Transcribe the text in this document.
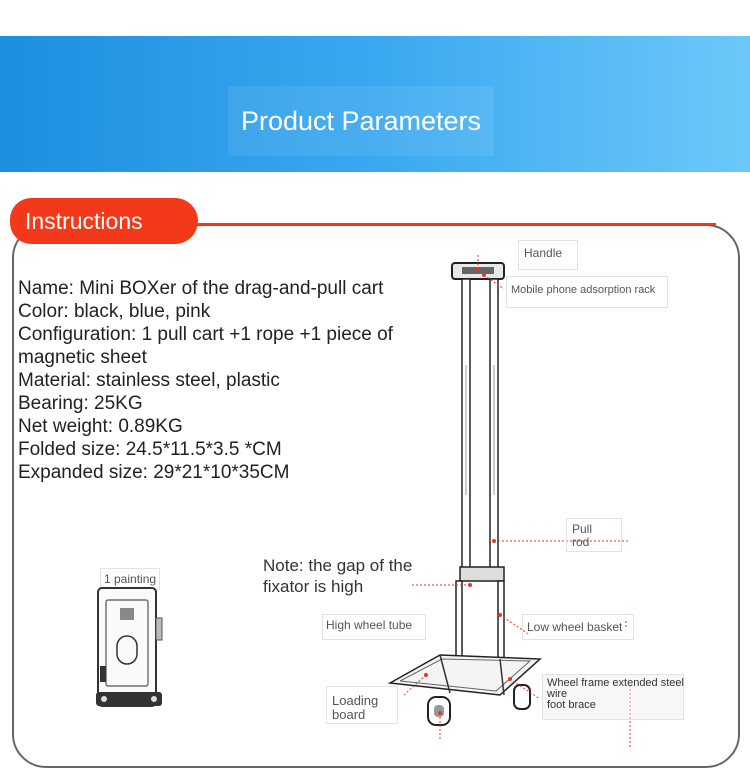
Product Parameters
Instructions
Name: Mini BOXer of the drag-and-pull cart
Color: black, blue, pink
Configuration: 1 pull cart +1 rope +1 piece of
magnetic sheet
Material: stainless steel, plastic
Bearing: 25KG
Net weight: 0.89KG
Folded size: 24.5*11.5*3.5 *CM
Expanded size: 29*21*10*35CM
Note: the gap of the
fixator is high
1 painting
Handle
Mobile phone adsorption rack
Pull
rod
High wheel tube	Low wheel basket
Wheel frame extended steel
wire
foot brace
Loading
board
